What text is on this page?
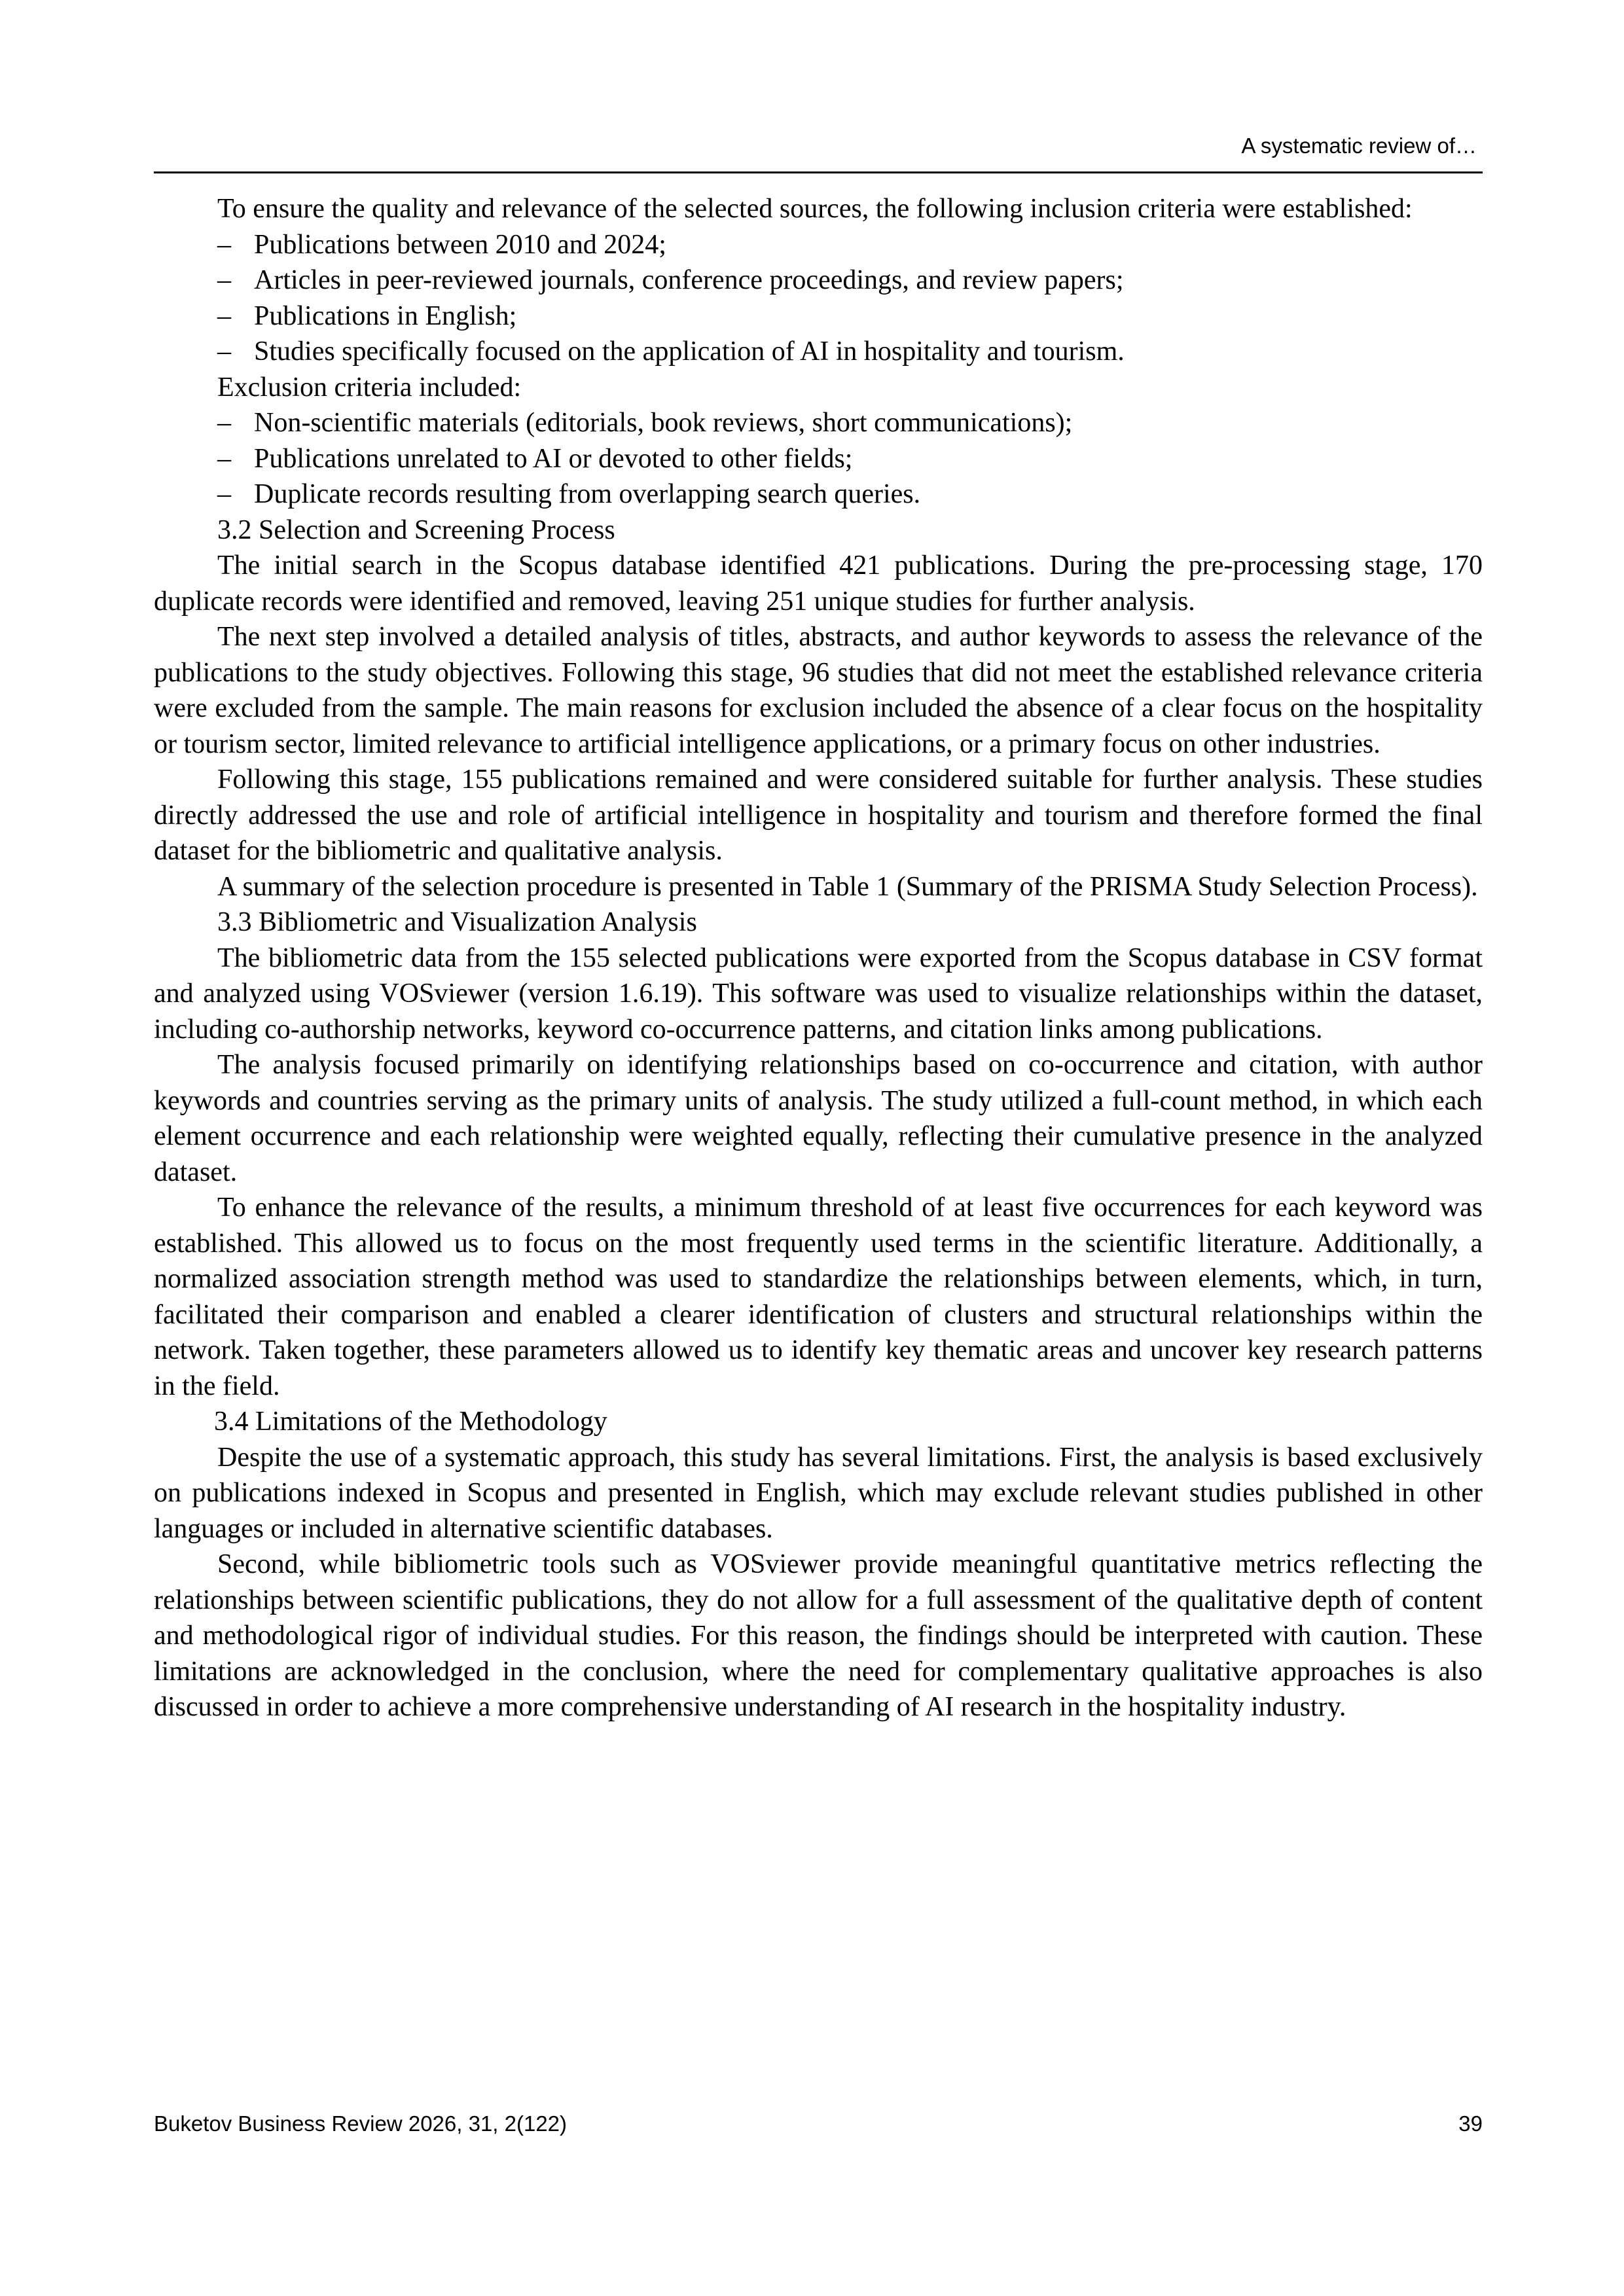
A systematic review of…

To ensure the quality and relevance of the selected sources, the following inclusion criteria were established:

– Publications between 2010 and 2024;
– Articles in peer-reviewed journals, conference proceedings, and review papers;
– Publications in English;
– Studies specifically focused on the application of AI in hospitality and tourism.
Exclusion criteria included:
– Non-scientific materials (editorials, book reviews, short communications);
– Publications unrelated to AI or devoted to other fields;
– Duplicate records resulting from overlapping search queries.
3.2 Selection and Screening Process

The initial search in the Scopus database identified 421 publications. During the pre-processing stage, 170 duplicate records were identified and removed, leaving 251 unique studies for further analysis.

The next step involved a detailed analysis of titles, abstracts, and author keywords to assess the relevance of the publications to the study objectives. Following this stage, 96 studies that did not meet the established relevance criteria were excluded from the sample. The main reasons for exclusion included the absence of a clear focus on the hospitality or tourism sector, limited relevance to artificial intelligence applications, or a primary focus on other industries.

Following this stage, 155 publications remained and were considered suitable for further analysis. These studies directly addressed the use and role of artificial intelligence in hospitality and tourism and therefore formed the final dataset for the bibliometric and qualitative analysis.

A summary of the selection procedure is presented in Table 1 (Summary of the PRISMA Study Selection Process).

3.3 Bibliometric and Visualization Analysis

The bibliometric data from the 155 selected publications were exported from the Scopus database in CSV format and analyzed using VOSviewer (version 1.6.19). This software was used to visualize relationships within the dataset, including co-authorship networks, keyword co-occurrence patterns, and citation links among publications.

The analysis focused primarily on identifying relationships based on co-occurrence and citation, with author keywords and countries serving as the primary units of analysis. The study utilized a full-count method, in which each element occurrence and each relationship were weighted equally, reflecting their cumulative presence in the analyzed dataset.

To enhance the relevance of the results, a minimum threshold of at least five occurrences for each keyword was established. This allowed us to focus on the most frequently used terms in the scientific literature. Additionally, a normalized association strength method was used to standardize the relationships between elements, which, in turn, facilitated their comparison and enabled a clearer identification of clusters and structural relationships within the network. Taken together, these parameters allowed us to identify key thematic areas and uncover key research patterns in the field.

3.4 Limitations of the Methodology

Despite the use of a systematic approach, this study has several limitations. First, the analysis is based exclusively on publications indexed in Scopus and presented in English, which may exclude relevant studies published in other languages or included in alternative scientific databases.

Second, while bibliometric tools such as VOSviewer provide meaningful quantitative metrics reflecting the relationships between scientific publications, they do not allow for a full assessment of the qualitative depth of content and methodological rigor of individual studies. For this reason, the findings should be interpreted with caution. These limitations are acknowledged in the conclusion, where the need for complementary qualitative approaches is also discussed in order to achieve a more comprehensive understanding of AI research in the hospitality industry.

Buketov Business Review 2026, 31, 2(122)	39
